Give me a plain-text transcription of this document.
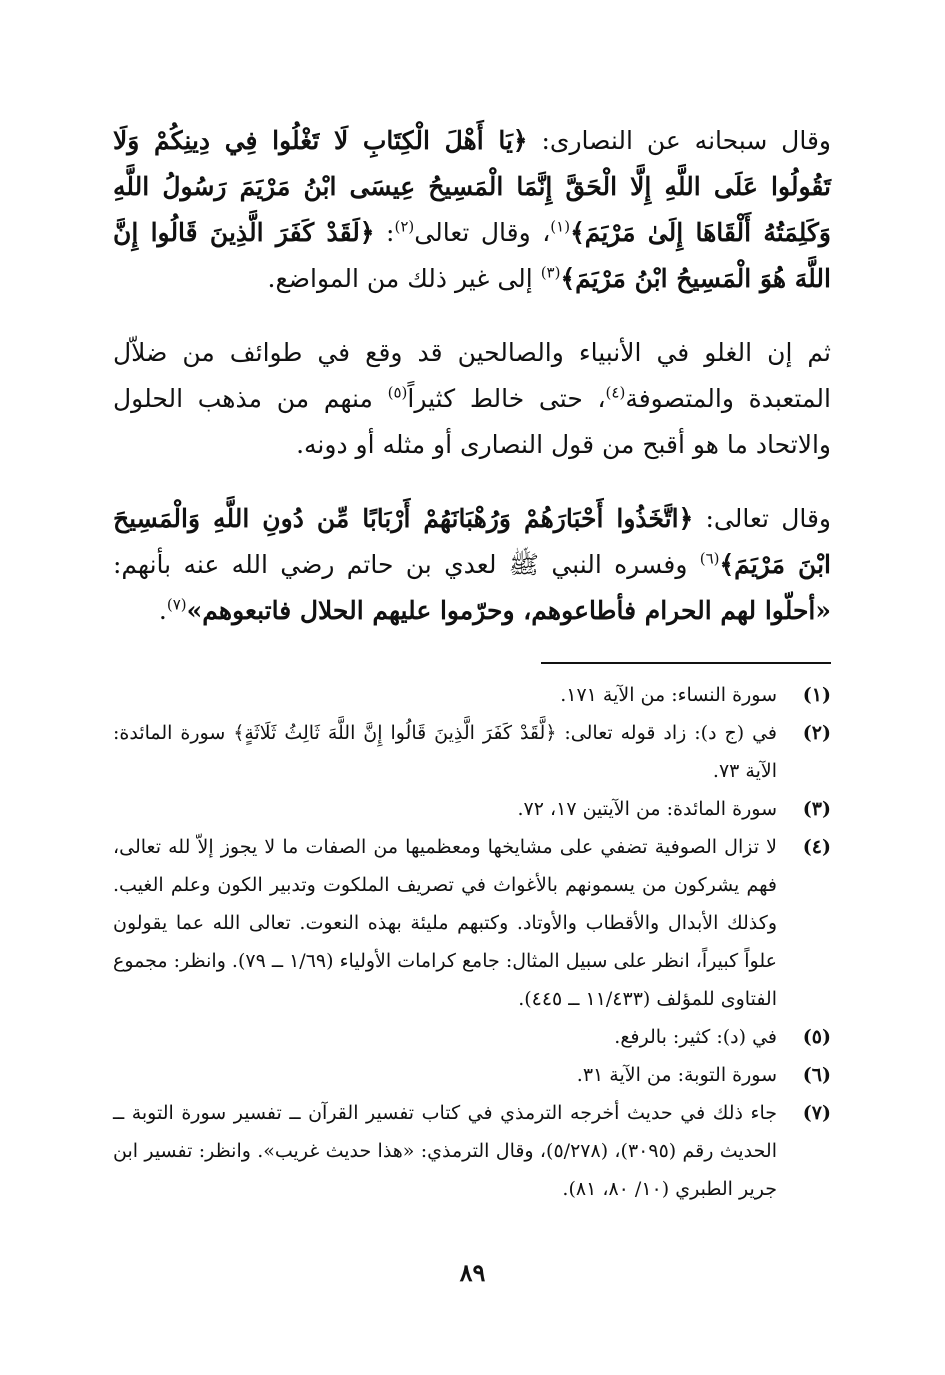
وقال سبحانه عن النصارى: ﴿يَا أَهْلَ الْكِتَابِ لَا تَغْلُوا فِي دِينِكُمْ وَلَا تَقُولُوا عَلَى اللَّهِ إِلَّا الْحَقَّ إِنَّمَا الْمَسِيحُ عِيسَى ابْنُ مَرْيَمَ رَسُولُ اللَّهِ وَكَلِمَتُهُ أَلْقَاهَا إِلَىٰ مَرْيَمَ﴾$^{(١)}$، وقال تعالى$^{(٢)}$: ﴿لَقَدْ كَفَرَ الَّذِينَ قَالُوا إِنَّ اللَّهَ هُوَ الْمَسِيحُ ابْنُ مَرْيَمَ﴾$^{(٣)}$ إلى غير ذلك من المواضع.

ثم إن الغلو في الأنبياء والصالحين قد وقع في طوائف من ضلاّل المتعبدة والمتصوفة$^{(٤)}$، حتى خالط كثيراً$^{(٥)}$ منهم من مذهب الحلول والاتحاد ما هو أقبح من قول النصارى أو مثله أو دونه.

وقال تعالى: ﴿اتَّخَذُوا أَحْبَارَهُمْ وَرُهْبَانَهُمْ أَرْبَابًا مِّن دُونِ اللَّهِ وَالْمَسِيحَ ابْنَ مَرْيَمَ﴾$^{(٦)}$ وفسره النبي ﷺ لعدي بن حاتم رضي الله عنه بأنهم: «أحلّوا لهم الحرام فأطاعوهم، وحرّموا عليهم الحلال فاتبعوهم»$^{(٧)}$.

(١)
سورة النساء: من الآية ١٧١.
(٢)
في (ج د): زاد قوله تعالى: ﴿لَّقَدْ كَفَرَ الَّذِينَ قَالُوا إِنَّ اللَّهَ ثَالِثُ ثَلَاثَةٍ﴾ سورة المائدة: الآية ٧٣.
(٣)
سورة المائدة: من الآيتين ١٧، ٧٢.
(٤)
لا تزال الصوفية تضفي على مشايخها ومعظميها من الصفات ما لا يجوز إلاّ لله تعالى، فهم يشركون من يسمونهم بالأغواث في تصريف الملكوت وتدبير الكون وعلم الغيب. وكذلك الأبدال والأقطاب والأوتاد. وكتبهم مليئة بهذه النعوت. تعالى الله عما يقولون علواً كبيراً، انظر على سبيل المثال: جامع كرامات الأولياء (١/٦٩ ــ ٧٩). وانظر: مجموع الفتاوى للمؤلف (١١/٤٣٣ ــ ٤٤٥).
(٥)
في (د): كثير: بالرفع.
(٦)
سورة التوبة: من الآية ٣١.
(٧)
جاء ذلك في حديث أخرجه الترمذي في كتاب تفسير القرآن ــ تفسير سورة التوبة ــ الحديث رقم (٣٠٩٥)، (٥/٢٧٨)، وقال الترمذي: «هذا حديث غريب». وانظر: تفسير ابن جرير الطبري (١٠/ ٨٠، ٨١).
٨٩
